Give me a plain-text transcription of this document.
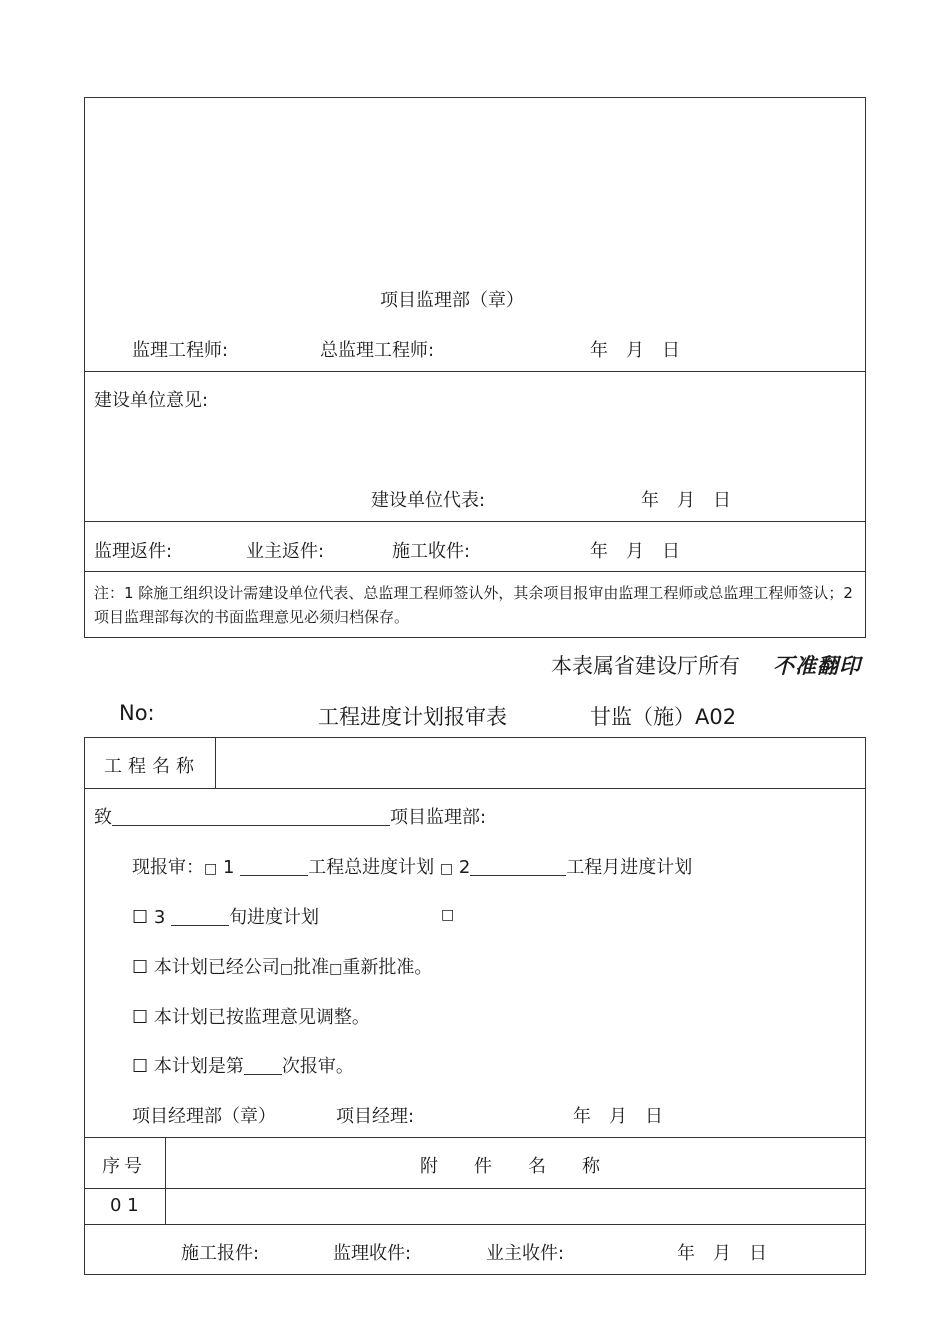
项目监理部（章）
监理工程师:	总监理工程师:	年　月　日
建设单位意见:
建设单位代表:	年　月　日
监理返件:	业主返件:	施工收件:	年　月　日
注：1 除施工组织设计需建设单位代表、总监理工程师签认外，其余项目报审由监理工程师或总监理工程师签认；2 项目监理部每次的书面监理意见必须归档保存。
本表属省建设厅所有 不准翻印
No:	工程进度计划报审表	甘监（施）A02
工程名称
致	项目监理部:
现报审：□ 1	工程总进度计划 □ 2	工程月进度计划
☐ 3	旬进度计划	□
☐ 本计划已经公司□批准□重新批准。
☐ 本计划已按监理意见调整。
☐ 本计划是第 次报审。
项目经理部（章）	项目经理:	年　月　日
序号	附　　件　　名　　称
0 1
施工报件:	监理收件:	业主收件:	年　月　日
